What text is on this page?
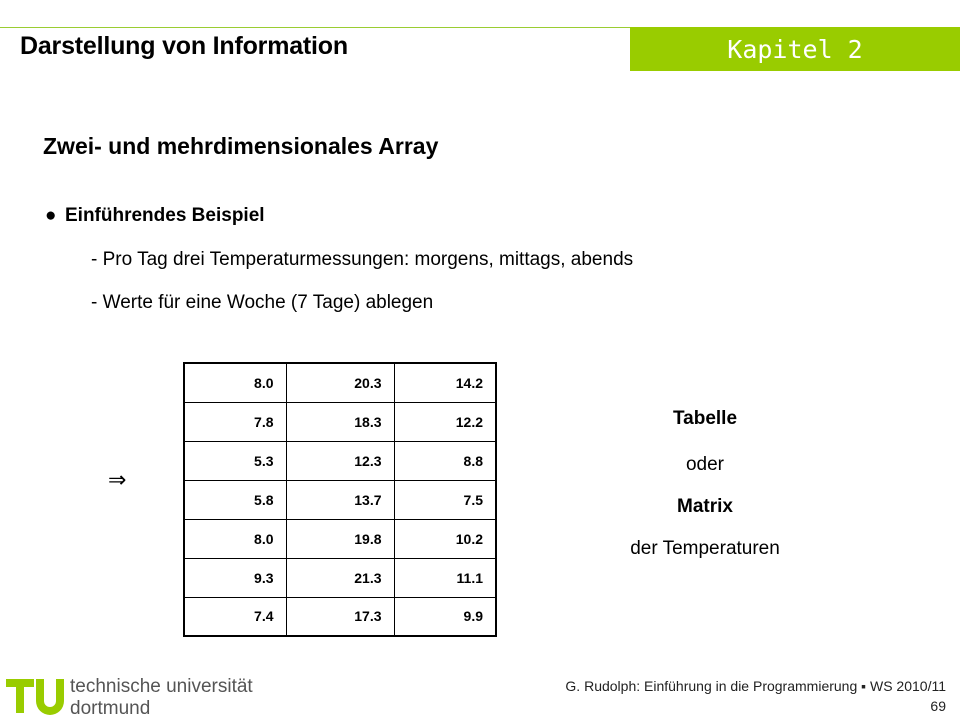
Kapitel 2
Darstellung von Information
Zwei- und mehrdimensionales Array
● Einführendes Beispiel
- Pro Tag drei Temperaturmessungen: morgens, mittags, abends
- Werte für eine Woche (7 Tage) ablegen
⇒
8.0	20.3	14.2
7.8	18.3	12.2
5.3	12.3	8.8
5.8	13.7	7.5
8.0	19.8	10.2
9.3	21.3	11.1
7.4	17.3	9.9
Tabelle
oder
Matrix
der Temperaturen
technische universität
dortmund
G. Rudolph: Einführung in die Programmierung ▪ WS 2010/11
69
